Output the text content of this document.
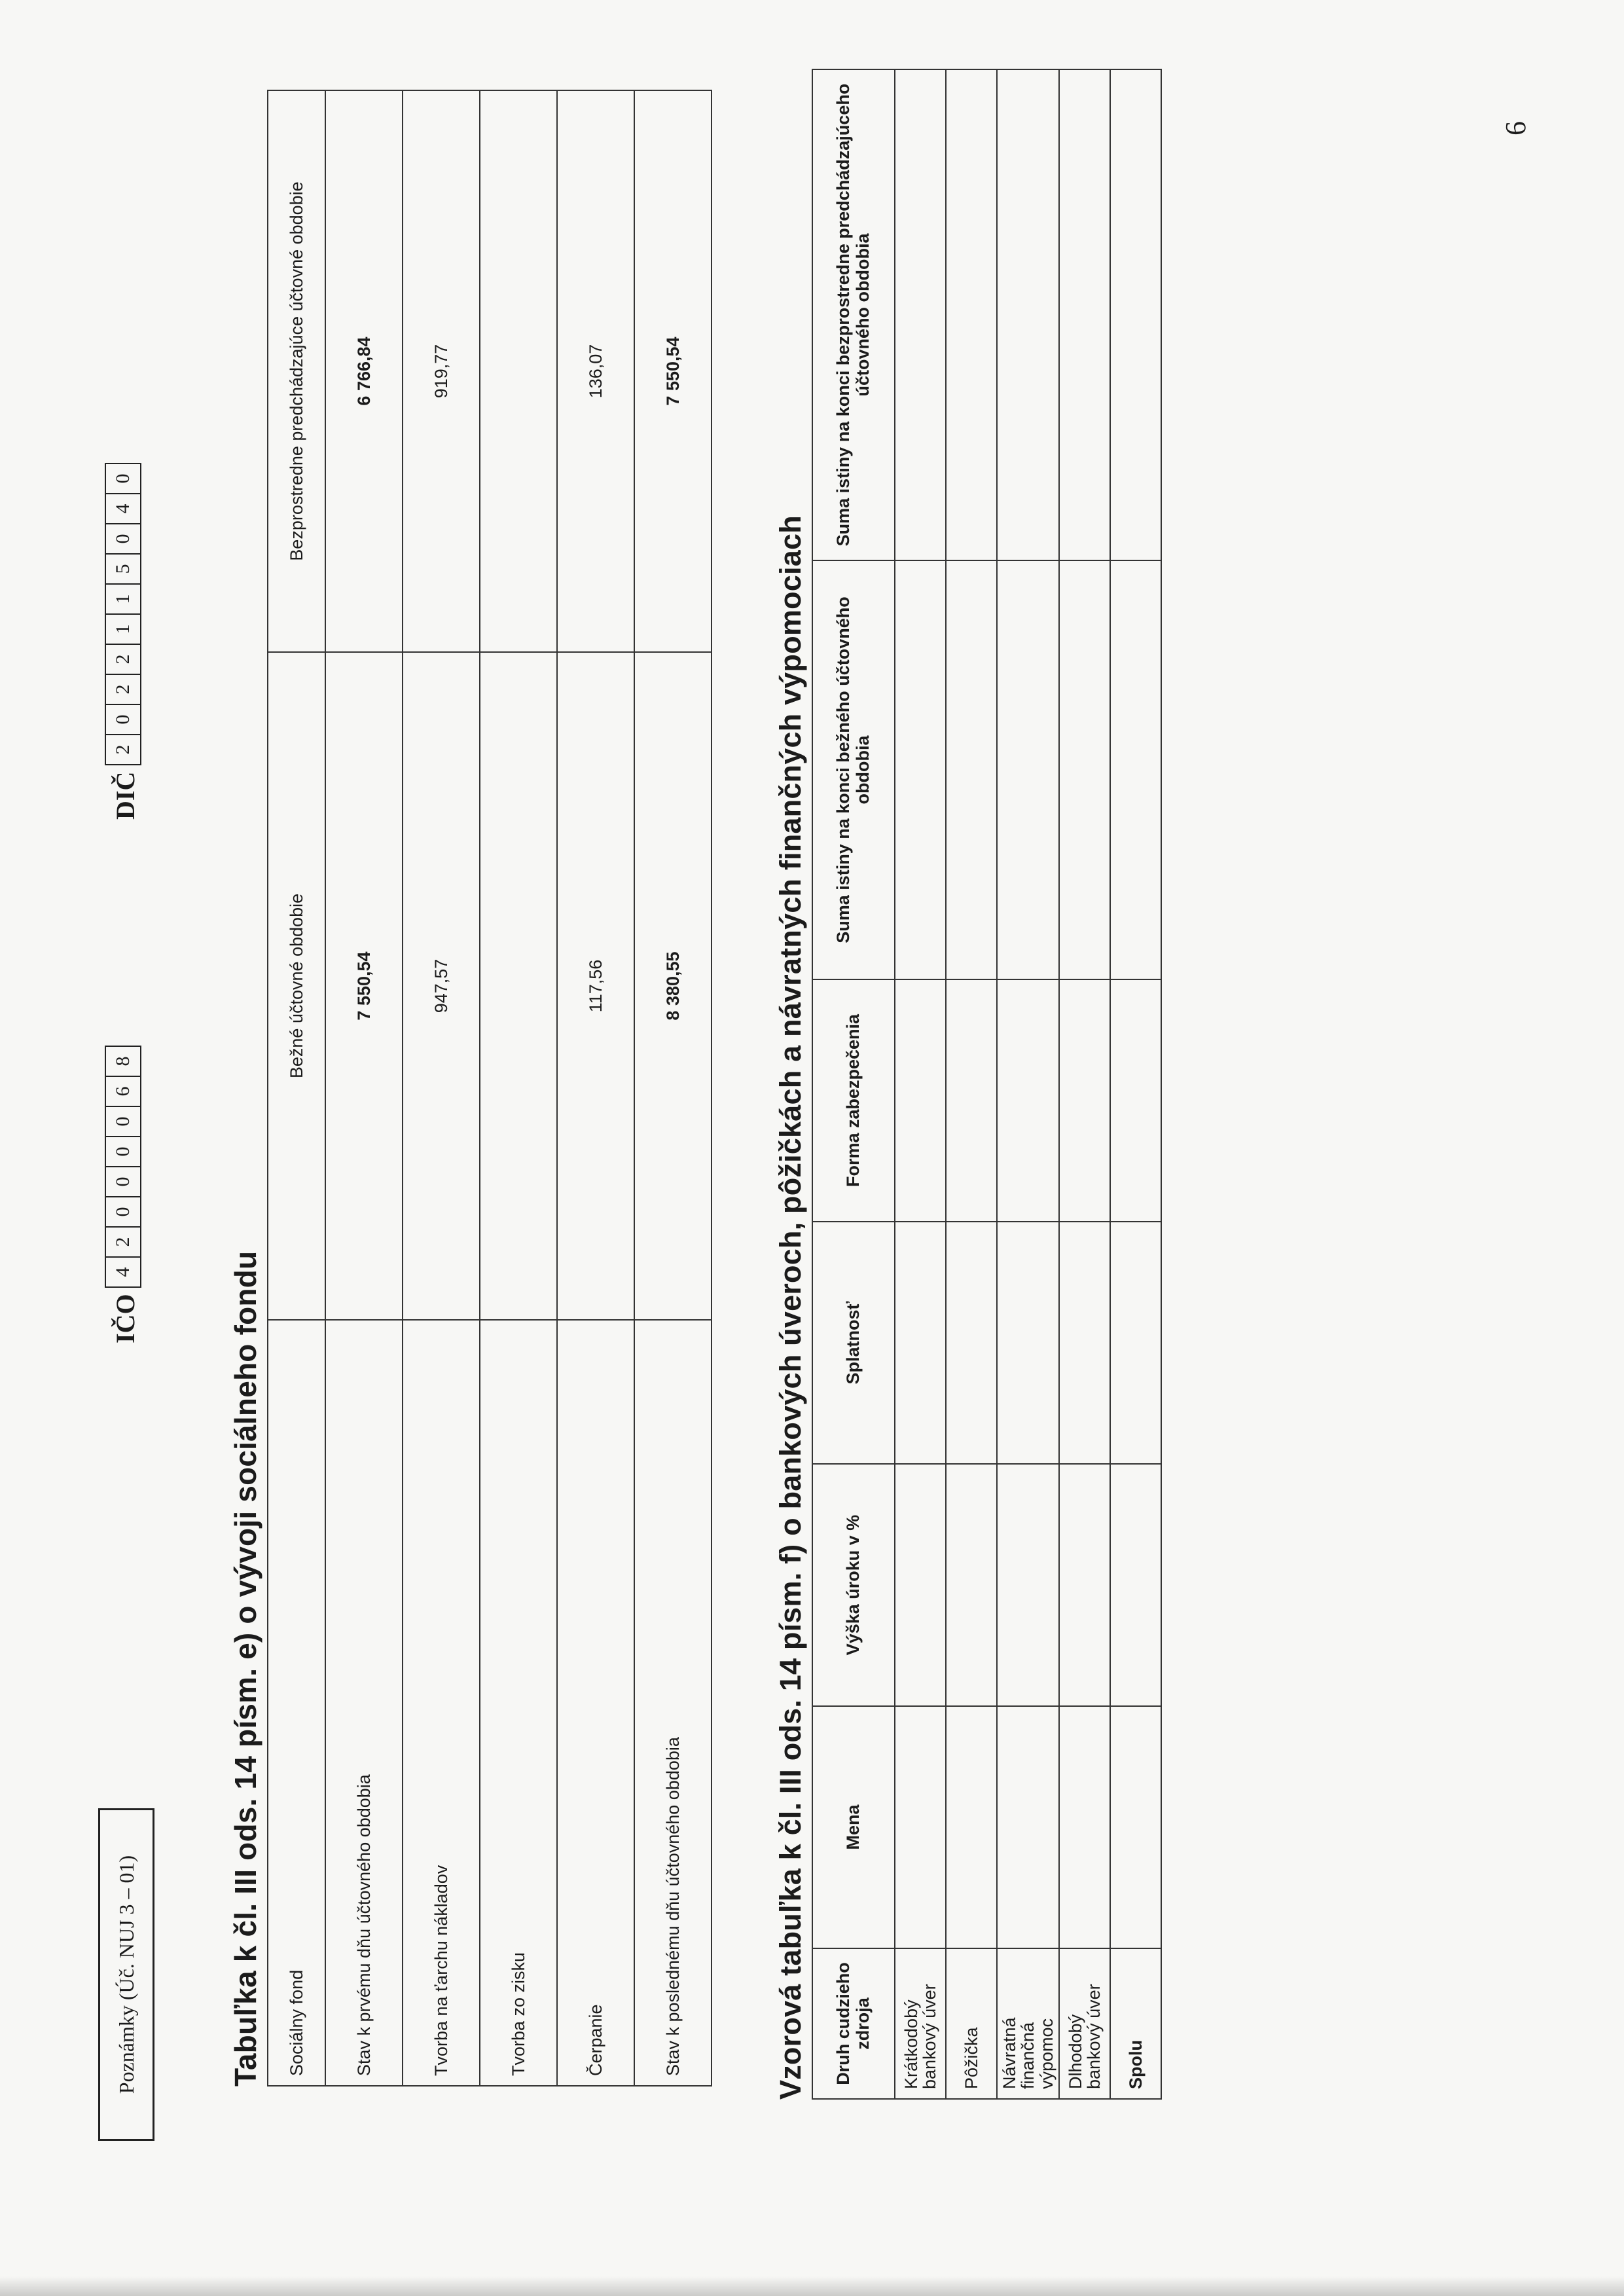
Poznámky (Úč. NUJ 3 – 01)
IČO
4
2
0
0
0
0
6
8
DIČ
2
0
2
2
1
1
5
0
4
0
6
Tabuľka k čl. III ods. 14 písm. e) o vývoji sociálneho fondu Sociálny fond	Bežné účtovné obdobie	Bezprostredne predchádzajúce účtovné obdobie
Stav k prvému dňu účtovného obdobia	7 550,54	6 766,84
Tvorba na ťarchu nákladov	947,57	919,77
Tvorba zo zisku		
Čerpanie	117,56	136,07
Stav k poslednému dňu účtovného obdobia	8 380,55	7 550,54
Vzorová tabuľka k čl. III ods. 14 písm. f) o bankových úveroch, pôžičkách a návratných finančných výpomociach Druh cudzieho zdroja	Mena	Výška úroku v %	Splatnosť	Forma zabezpečenia	Suma istiny na konci bežného účtovného obdobia	Suma istiny na konci bezprostredne predchádzajúceho účtovného obdobia
Krátkodobý bankový úver						
Pôžička						
Návratná finančná výpomoc						
Dlhodobý bankový úver						
Spolu						
